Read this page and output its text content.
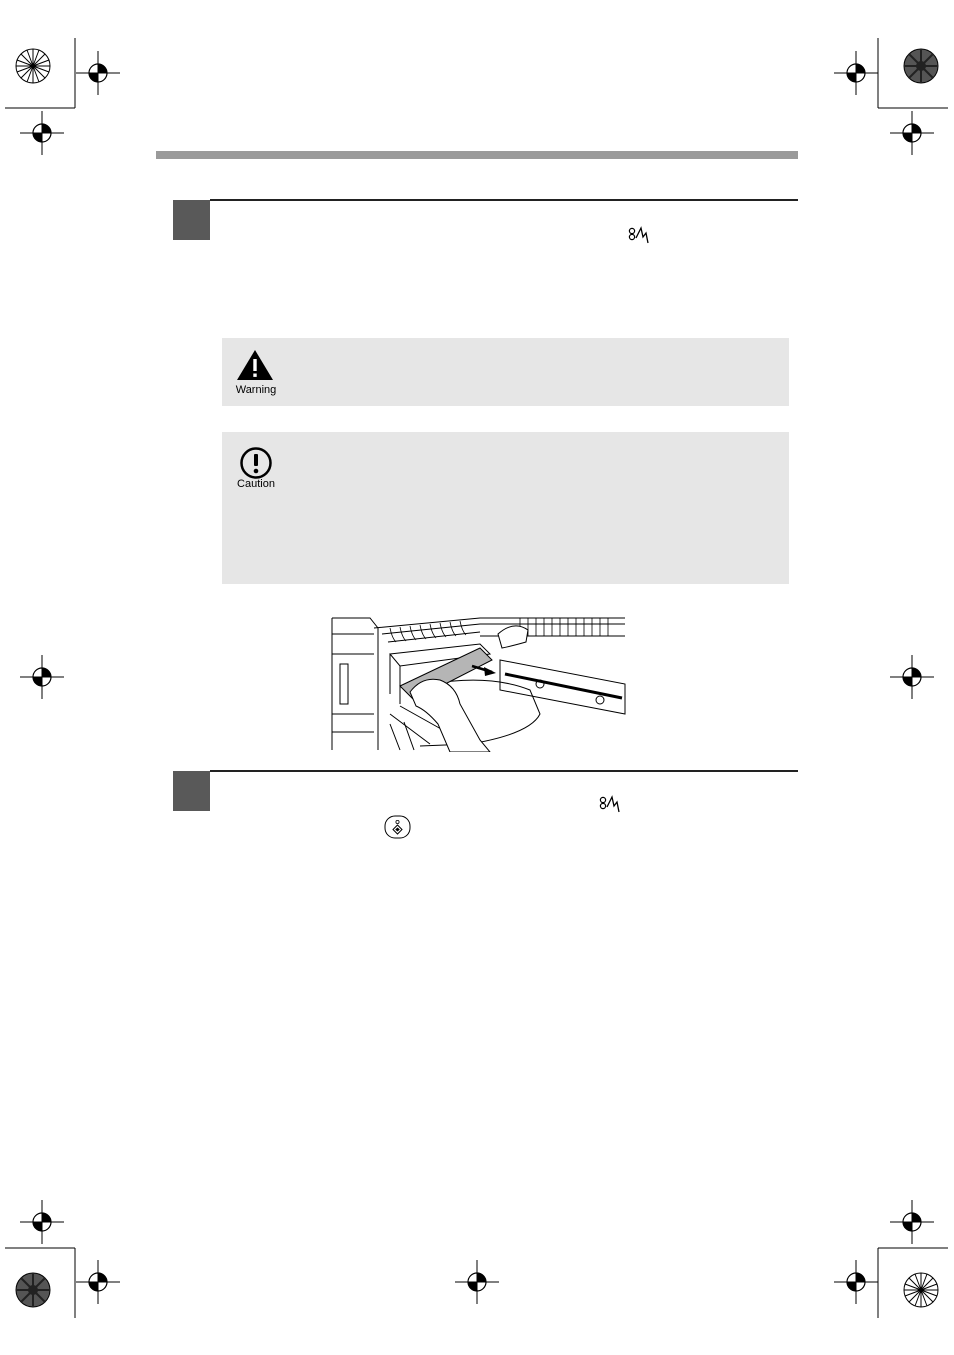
Warning
Caution
